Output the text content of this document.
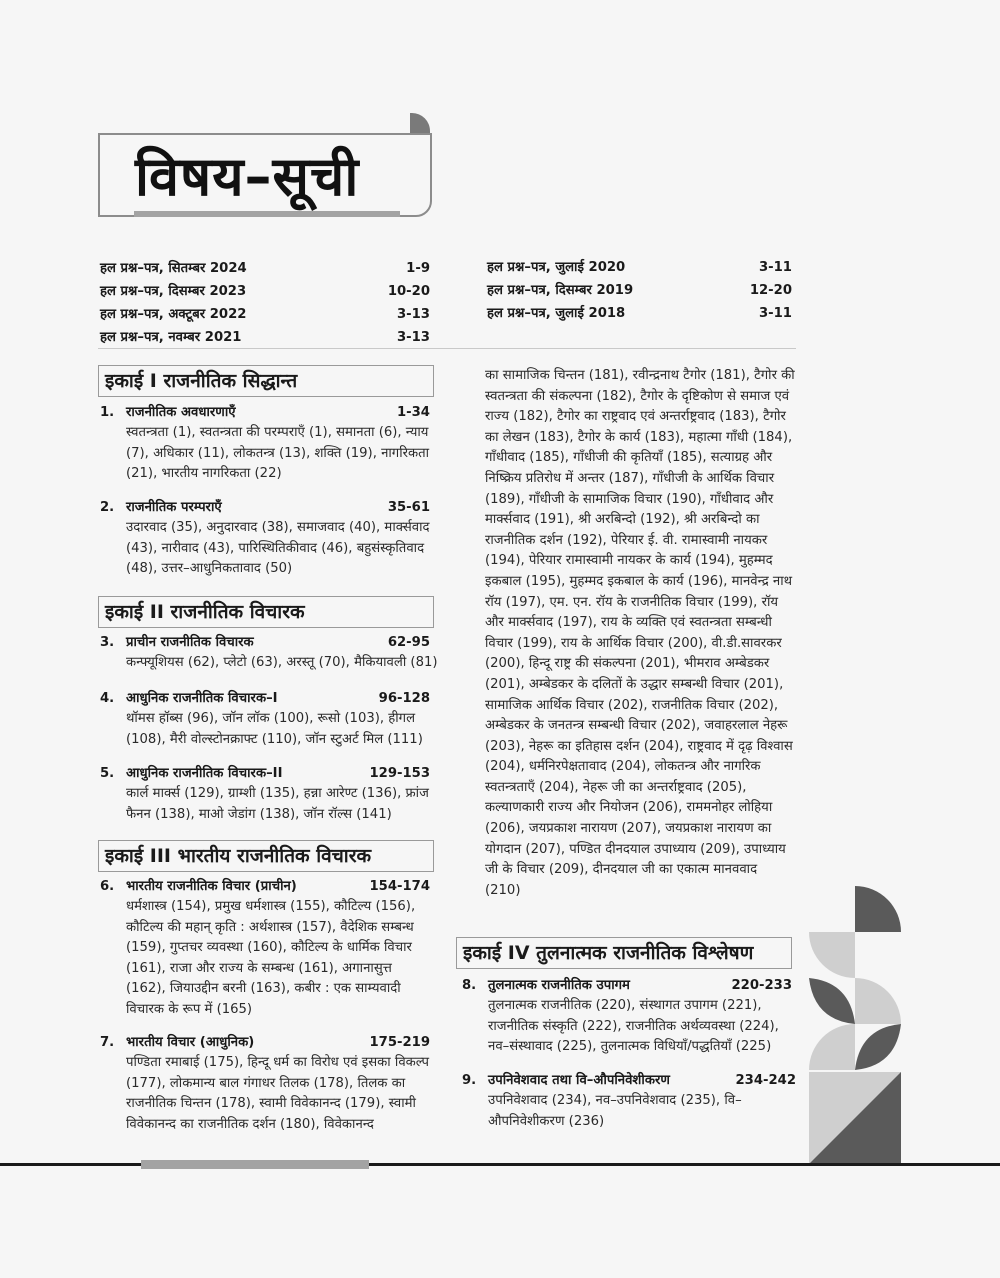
विषय–सूची
हल प्रश्न–पत्र, सितम्बर 2024	1-9
हल प्रश्न–पत्र, दिसम्बर 2023	10-20
हल प्रश्न–पत्र, अक्टूबर 2022	3-13
हल प्रश्न–पत्र, नवम्बर 2021	3-13
हल प्रश्न–पत्र, जुलाई 2020	3-11
हल प्रश्न–पत्र, दिसम्बर 2019	12-20
हल प्रश्न–पत्र, जुलाई 2018	3-11
इकाई I राजनीतिक सिद्धान्त
1. राजनीतिक अवधारणाएँ	1-34
स्वतन्त्रता (1), स्वतन्त्रता की परम्पराएँ (1), समानता (6), न्याय (7), अधिकार (11), लोकतन्त्र (13), शक्ति (19), नागरिकता (21), भारतीय नागरिकता (22)
2. राजनीतिक परम्पराएँ	35-61
उदारवाद (35), अनुदारवाद (38), समाजवाद (40), मार्क्सवाद (43), नारीवाद (43), पारिस्थितिकीवाद (46), बहुसंस्कृतिवाद (48), उत्तर–आधुनिकतावाद (50)
इकाई II राजनीतिक विचारक
3. प्राचीन राजनीतिक विचारक	62-95
कन्फ्यूशियस (62), प्लेटो (63), अरस्तू (70), मैकियावली (81)
4. आधुनिक राजनीतिक विचारक–I	96-128
थॉमस हॉब्स (96), जॉन लॉक (100), रूसो (103), हीगल (108), मैरी वोल्स्टोनक्राफ्ट (110), जॉन स्टुअर्ट मिल (111)
5. आधुनिक राजनीतिक विचारक–II	129-153
कार्ल मार्क्स (129), ग्राम्शी (135), हन्ना आरेण्ट (136), फ्रांज फैनन (138), माओ जेडांग (138), जॉन रॉल्स (141)
इकाई III भारतीय राजनीतिक विचारक
6. भारतीय राजनीतिक विचार (प्राचीन)	154-174
धर्मशास्त्र (154), प्रमुख धर्मशास्त्र (155), कौटिल्य (156), कौटिल्य की महान् कृति : अर्थशास्त्र (157), वैदेशिक सम्बन्ध (159), गुप्तचर व्यवस्था (160), कौटिल्य के धार्मिक विचार (161), राजा और राज्य के सम्बन्ध (161), अगानासुत्त (162), जियाउद्दीन बरनी (163), कबीर : एक साम्यवादी विचारक के रूप में (165)
7. भारतीय विचार (आधुनिक)	175-219
पण्डिता रमाबाई (175), हिन्दू धर्म का विरोध एवं इसका विकल्प (177), लोकमान्य बाल गंगाधर तिलक (178), तिलक का राजनीतिक चिन्तन (178), स्वामी विवेकानन्द (179), स्वामी विवेकानन्द का राजनीतिक दर्शन (180), विवेकानन्द
का सामाजिक चिन्तन (181), रवीन्द्रनाथ टैगोर (181), टैगोर की स्वतन्त्रता की संकल्पना (182), टैगोर के दृष्टिकोण से समाज एवं राज्य (182), टैगोर का राष्ट्रवाद एवं अन्तर्राष्ट्रवाद (183), टैगोर का लेखन (183), टैगोर के कार्य (183), महात्मा गाँधी (184), गाँधीवाद (185), गाँधीजी की कृतियाँ (185), सत्याग्रह और निष्क्रिय प्रतिरोध में अन्तर (187), गाँधीजी के आर्थिक विचार (189), गाँधीजी के सामाजिक विचार (190), गाँधीवाद और मार्क्सवाद (191), श्री अरबिन्दो (192), श्री अरबिन्दो का राजनीतिक दर्शन (192), पेरियार ई. वी. रामास्वामी नायकर (194), पेरियार रामास्वामी नायकर के कार्य (194), मुहम्मद इकबाल (195), मुहम्मद इकबाल के कार्य (196), मानवेन्द्र नाथ रॉय (197), एम. एन. रॉय के राजनीतिक विचार (199), रॉय और मार्क्सवाद (197), राय के व्यक्ति एवं स्वतन्त्रता सम्बन्धी विचार (199), राय के आर्थिक विचार (200), वी.डी.सावरकर (200), हिन्दू राष्ट्र की संकल्पना (201), भीमराव अम्बेडकर (201), अम्बेडकर के दलितों के उद्धार सम्बन्धी विचार (201), सामाजिक आर्थिक विचार (202), राजनीतिक विचार (202), अम्बेडकर के जनतन्त्र सम्बन्धी विचार (202), जवाहरलाल नेहरू (203), नेहरू का इतिहास दर्शन (204), राष्ट्रवाद में दृढ़ विश्वास (204), धर्मनिरपेक्षतावाद (204), लोकतन्त्र और नागरिक स्वतन्त्रताएँ (204), नेहरू जी का अन्तर्राष्ट्रवाद (205), कल्याणकारी राज्य और नियोजन (206), राममनोहर लोहिया (206), जयप्रकाश नारायण (207), जयप्रकाश नारायण का योगदान (207), पण्डित दीनदयाल उपाध्याय (209), उपाध्याय जी के विचार (209), दीनदयाल जी का एकात्म मानववाद (210)
इकाई IV तुलनात्मक राजनीतिक विश्लेषण
8. तुलनात्मक राजनीतिक उपागम	220-233
तुलनात्मक राजनीतिक (220), संस्थागत उपागम (221), राजनीतिक संस्कृति (222), राजनीतिक अर्थव्यवस्था (224), नव–संस्थावाद (225), तुलनात्मक विधियाँ/पद्धतियाँ (225)
9. उपनिवेशवाद तथा वि–औपनिवेशीकरण	234-242
उपनिवेशवाद (234), नव–उपनिवेशवाद (235), वि–औपनिवेशीकरण (236)
